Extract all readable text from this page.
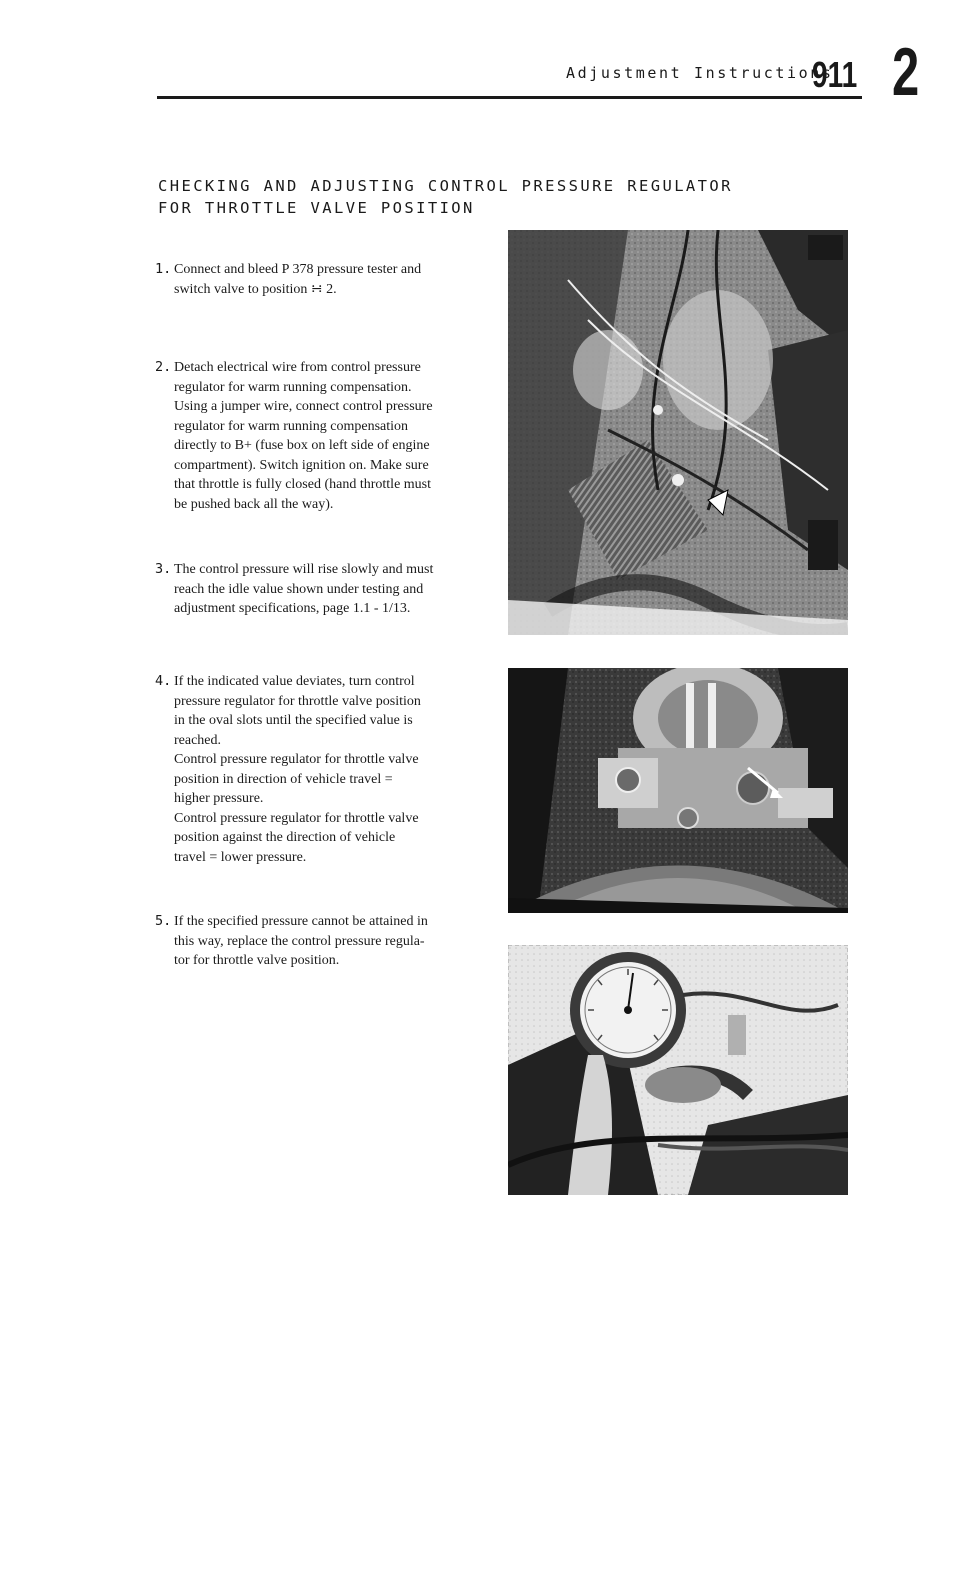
Adjustment Instructions
911 2
CHECKING AND ADJUSTING CONTROL PRESSURE REGULATOR
FOR THROTTLE VALVE POSITION
1. Connect and bleed P 378 pressure tester and
switch valve to position ∺ 2.
2. Detach electrical wire from control pressure
regulator for warm running compensation.
Using a jumper wire, connect control pressure
regulator for warm running compensation
directly to B+ (fuse box on left side of engine
compartment). Switch ignition on. Make sure
that throttle is fully closed (hand throttle must
be pushed back all the way).
3. The control pressure will rise slowly and must
reach the idle value shown under testing and
adjustment specifications, page 1.1 - 1/13.
4. If the indicated value deviates, turn control
pressure regulator for throttle valve position
in the oval slots until the specified value is
reached.
Control pressure regulator for throttle valve
position in direction of vehicle travel =
higher pressure.
Control pressure regulator for throttle valve
position against the direction of vehicle
travel = lower pressure.
5. If the specified pressure cannot be attained in
this way, replace the control pressure regula-
tor for throttle valve position.
